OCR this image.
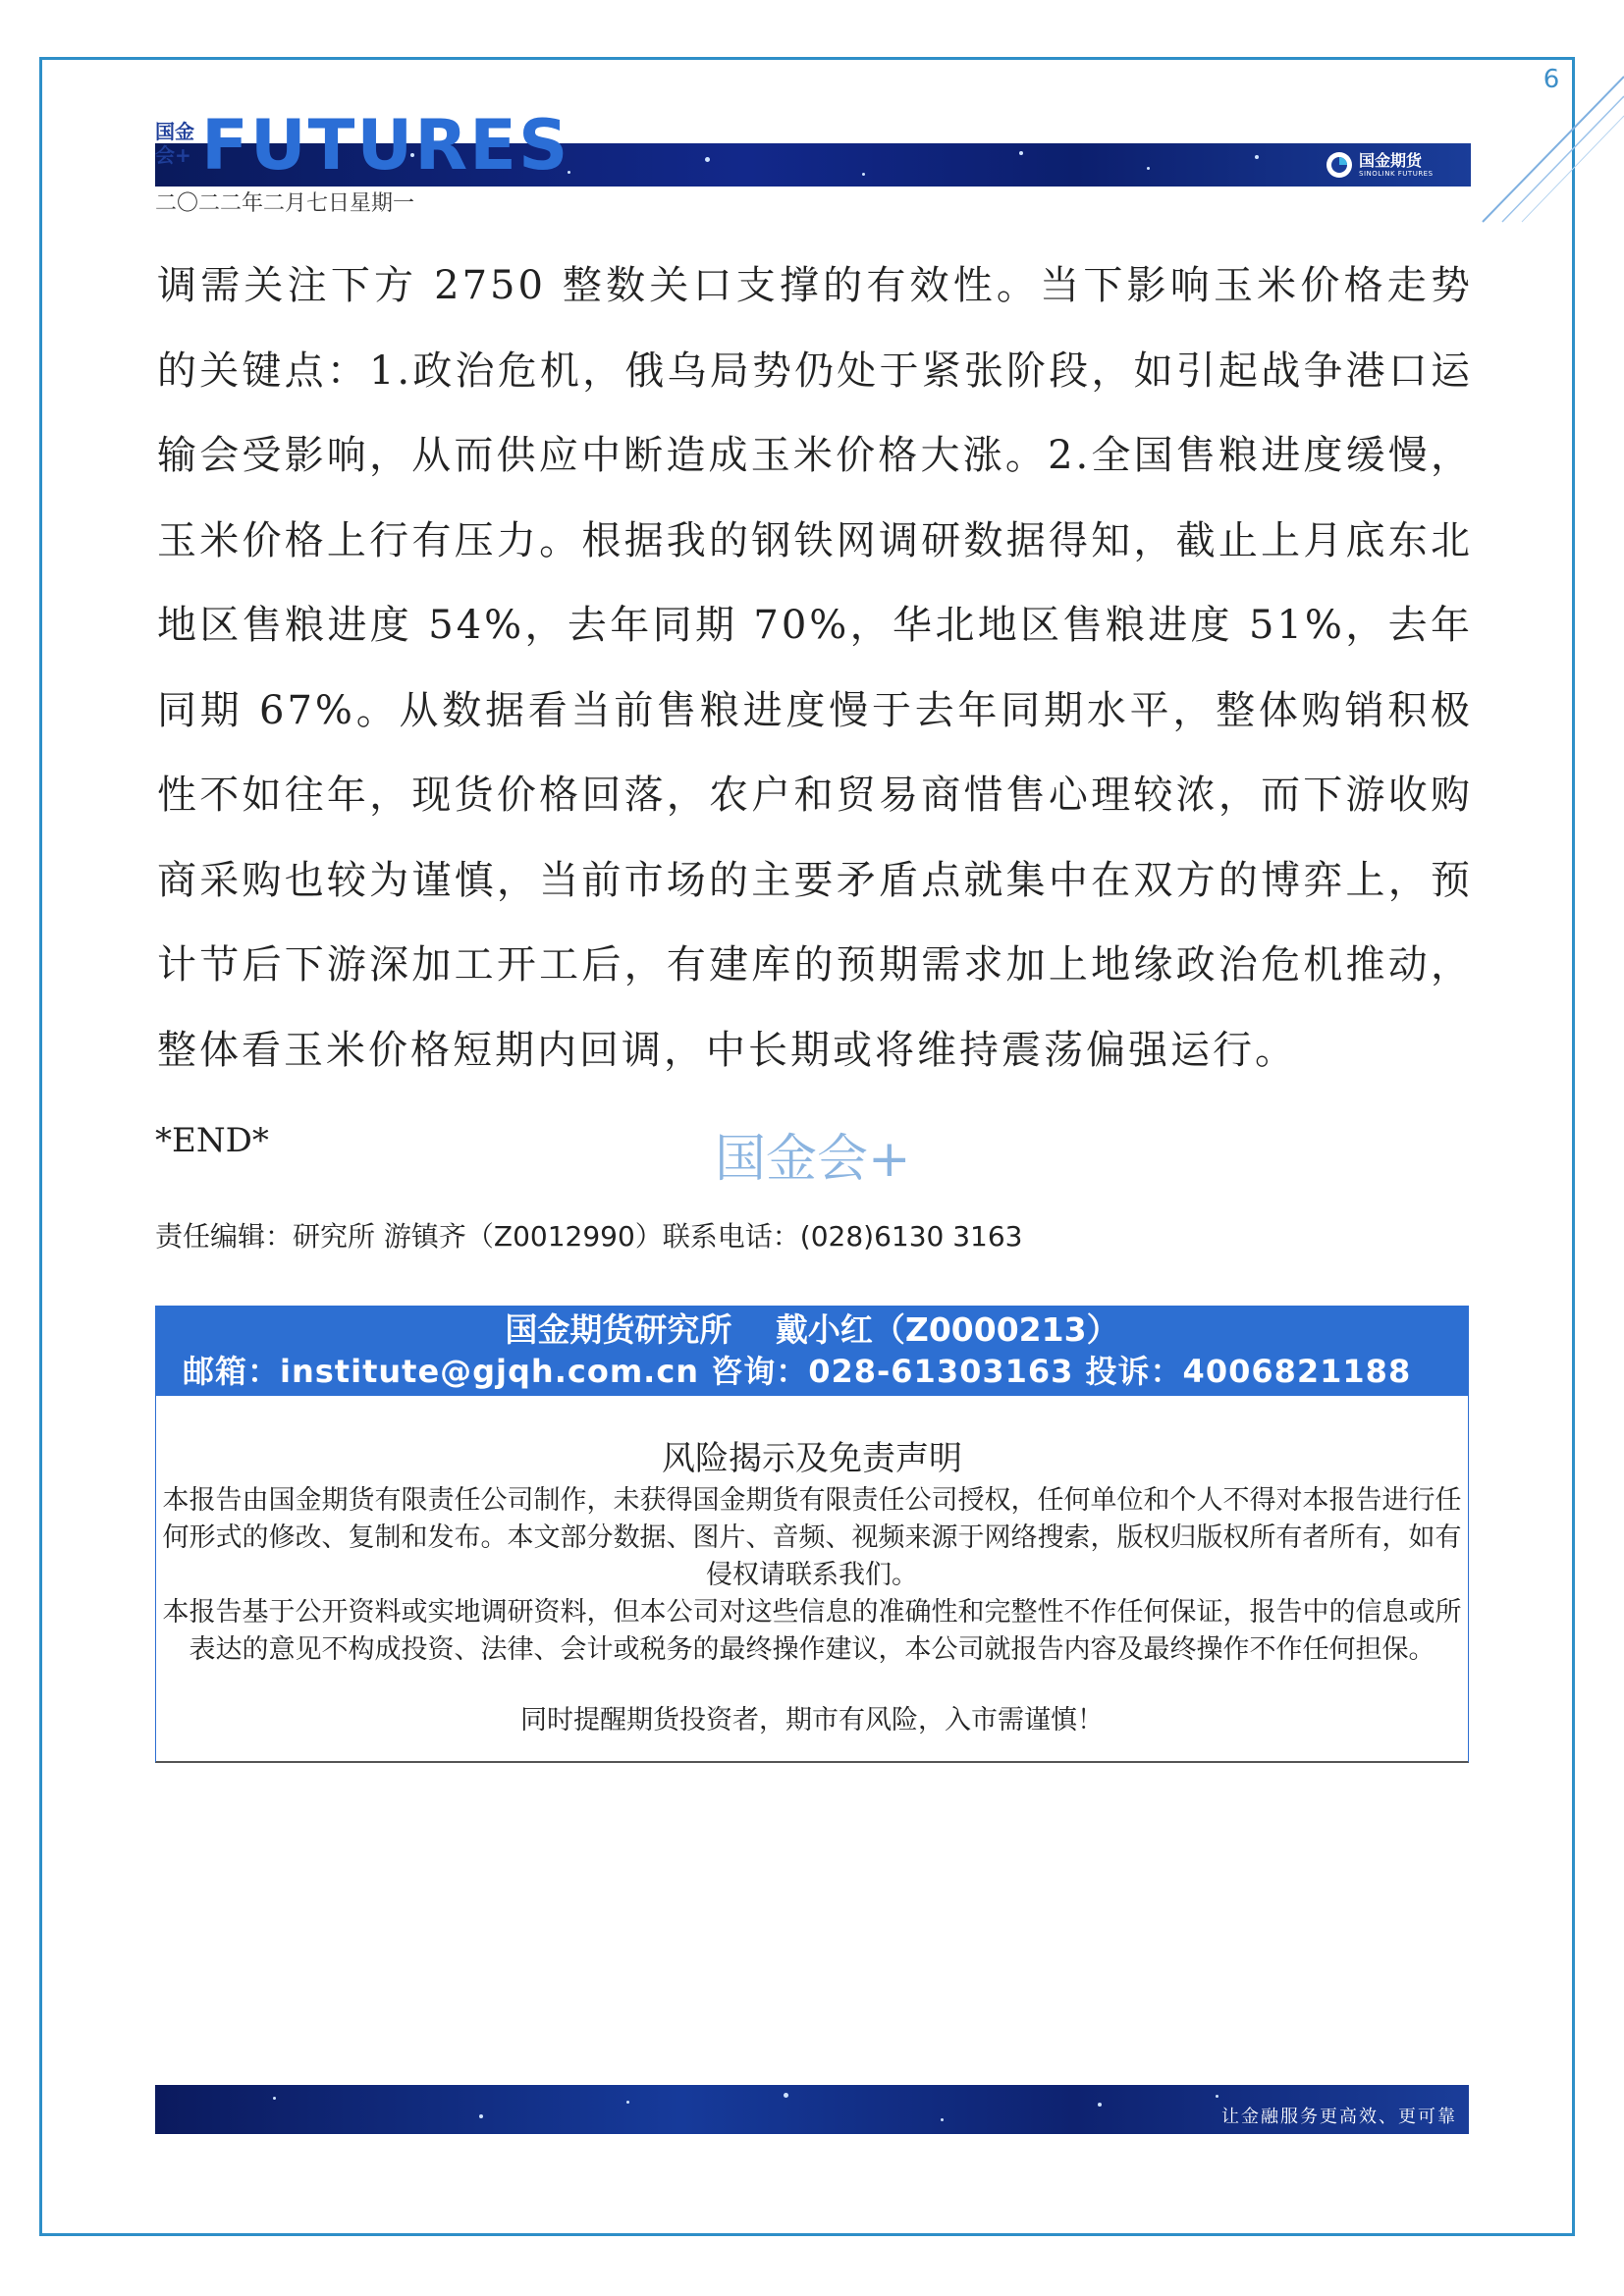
6
国金会+ FUTURES	国金期货
SINOLINK FUTURES
二〇二二年二月七日星期一
调需关注下方 2750 整数关口支撑的有效性。当下影响玉米价格走势的关键点：1.政治危机，俄乌局势仍处于紧张阶段，如引起战争港口运输会受影响，从而供应中断造成玉米价格大涨。2.全国售粮进度缓慢，玉米价格上行有压力。根据我的钢铁网调研数据得知，截止上月底东北地区售粮进度 54%，去年同期 70%，华北地区售粮进度 51%，去年同期 67%。从数据看当前售粮进度慢于去年同期水平，整体购销积极性不如往年，现货价格回落，农户和贸易商惜售心理较浓，而下游收购商采购也较为谨慎，当前市场的主要矛盾点就集中在双方的博弈上，预计节后下游深加工开工后，有建库的预期需求加上地缘政治危机推动，整体看玉米价格短期内回调，中长期或将维持震荡偏强运行。
*END*	国金会+
责任编辑：研究所 游镇齐（Z0012990）联系电话：(028)6130 3163
国金期货研究所　 戴小红（Z0000213）
邮箱：institute@gjqh.com.cn 咨询：028-61303163 投诉：4006821188
风险揭示及免责声明
本报告由国金期货有限责任公司制作，未获得国金期货有限责任公司授权，任何单位和个人不得对本报告进行任何形式的修改、复制和发布。本文部分数据、图片、音频、视频来源于网络搜索，版权归版权所有者所有，如有侵权请联系我们。
本报告基于公开资料或实地调研资料，但本公司对这些信息的准确性和完整性不作任何保证，报告中的信息或所表达的意见不构成投资、法律、会计或税务的最终操作建议，本公司就报告内容及最终操作不作任何担保。
同时提醒期货投资者，期市有风险，入市需谨慎！
让金融服务更高效、更可靠
